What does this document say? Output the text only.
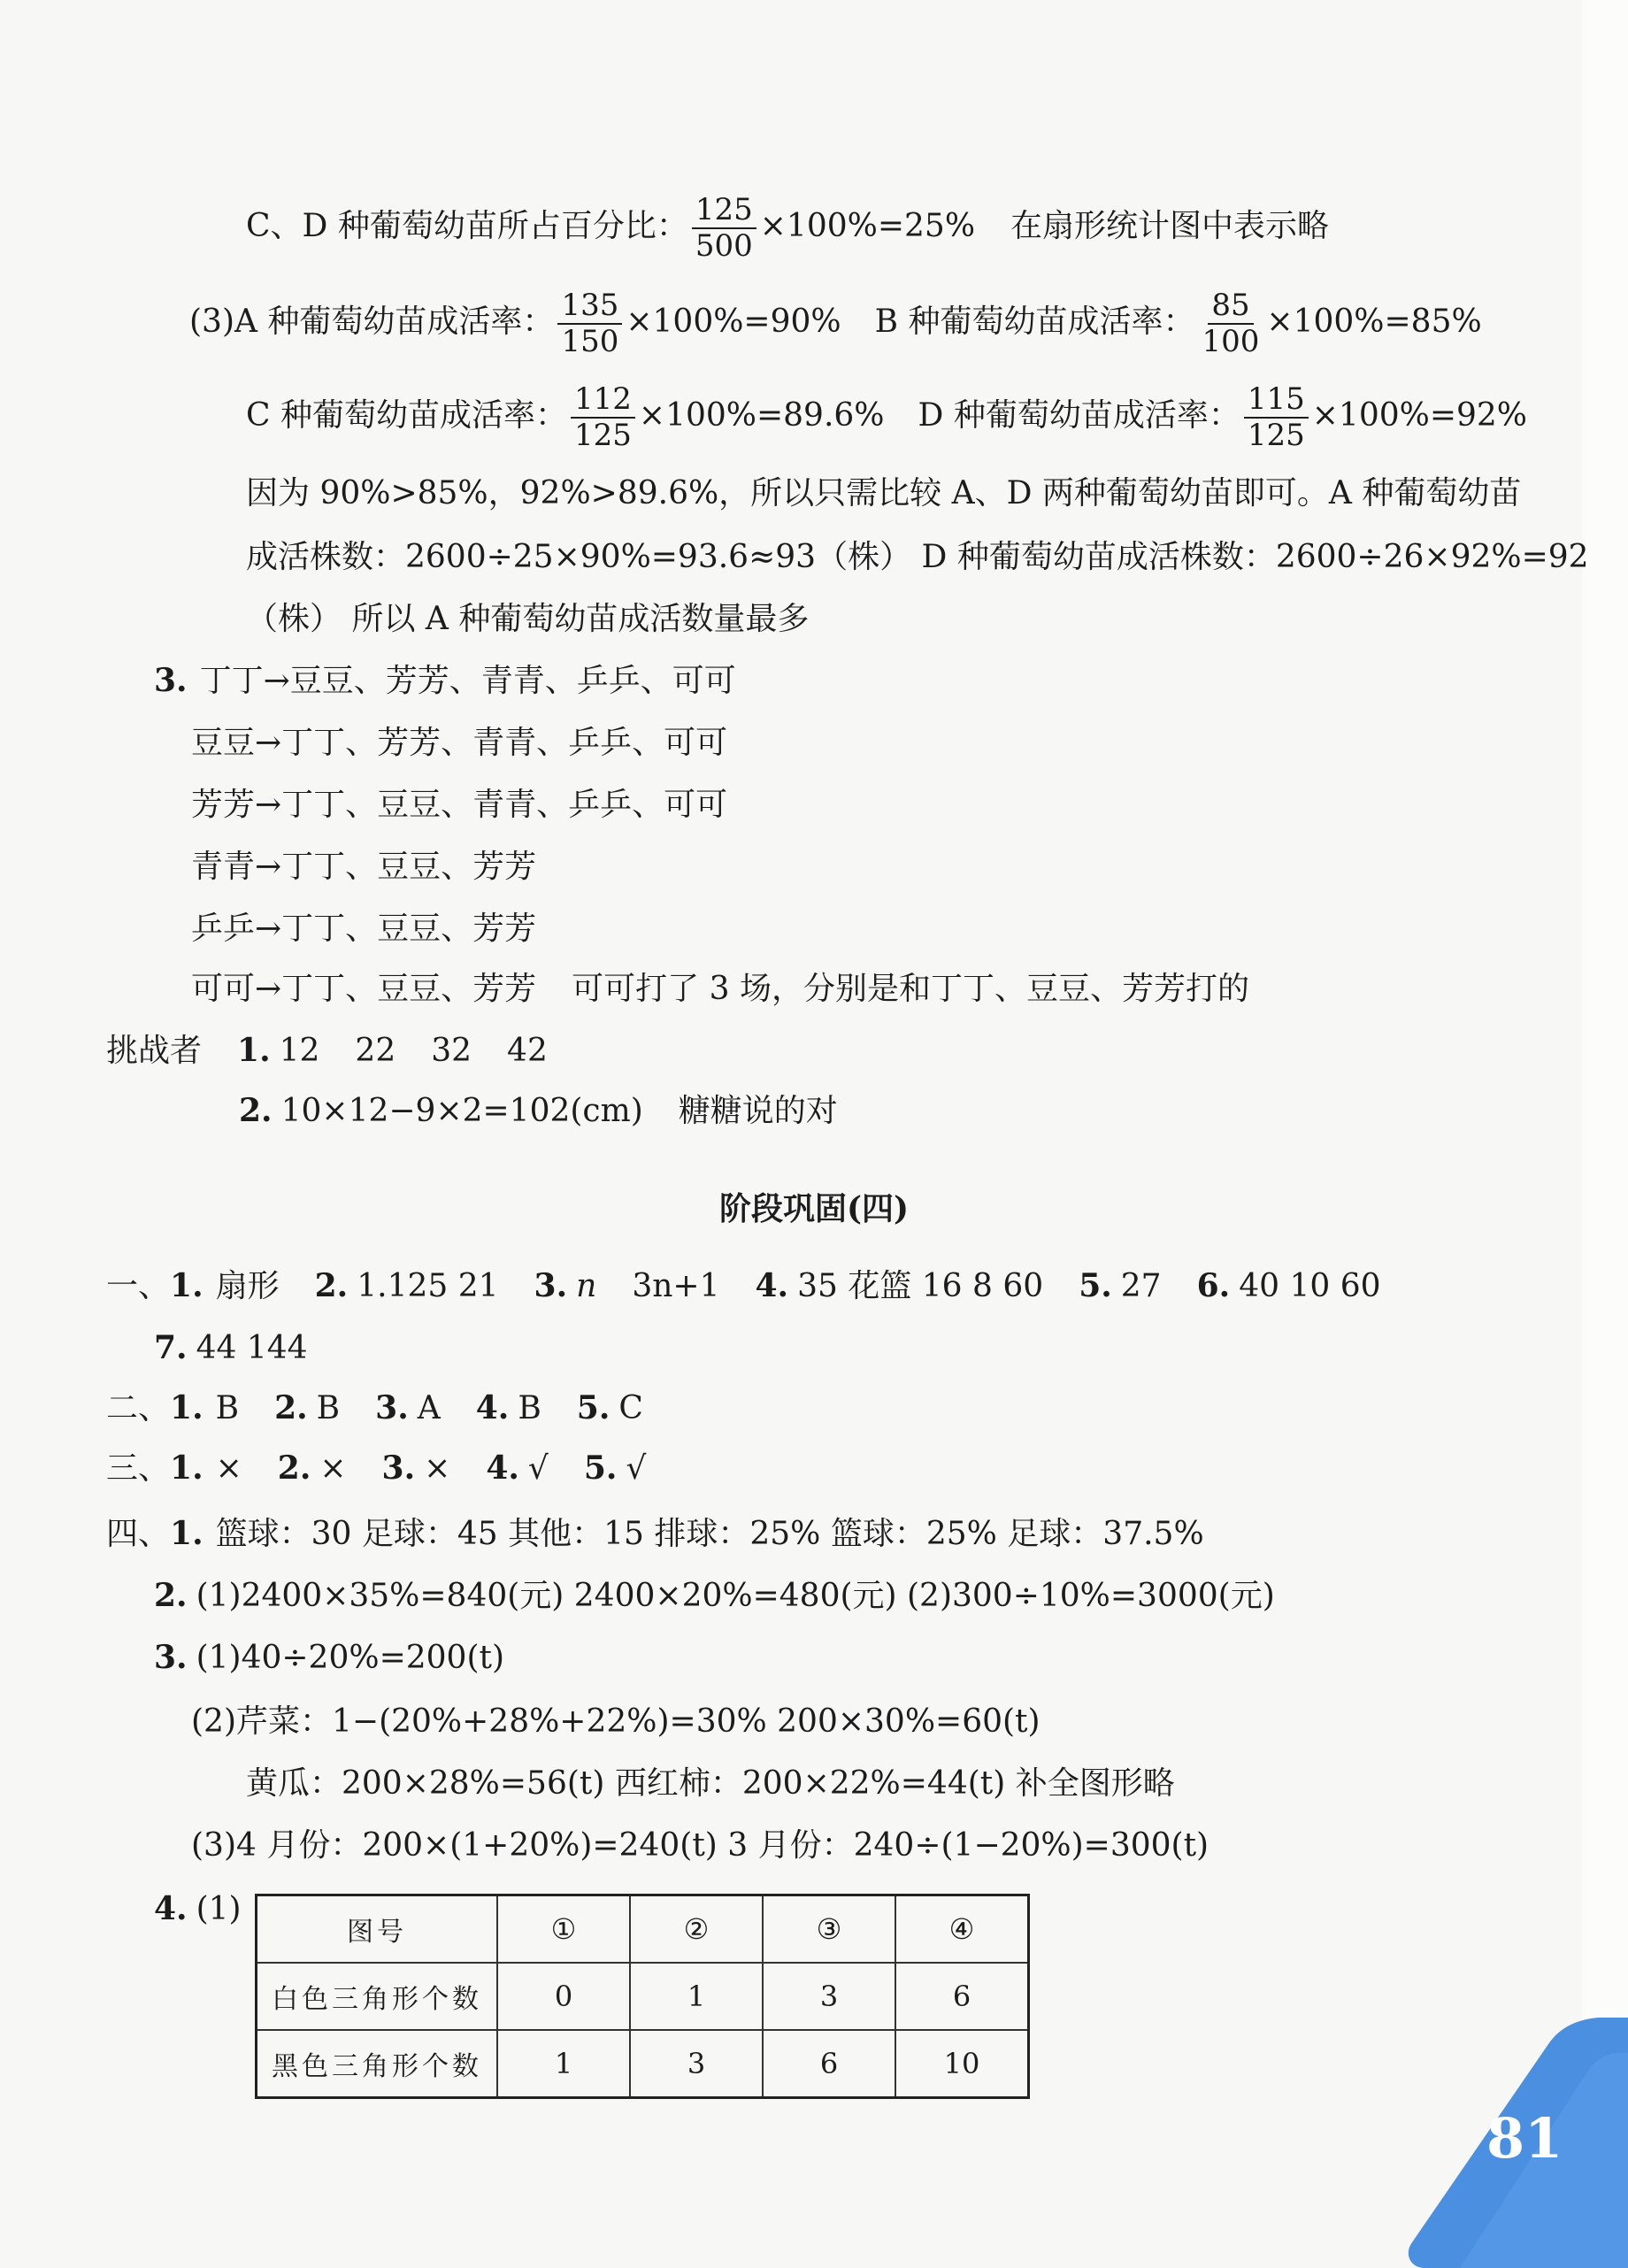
C、D 种葡萄幼苗所占百分比： $\frac{125}{500} \times 100\%=25\%$ 在扇形统计图中表示略
(3)A 种葡萄幼苗成活率： $\frac{135}{150} \times 100\%=90\%$ B 种葡萄幼苗成活率： $\frac{85}{100} \times 100\%=85\%$
C 种葡萄幼苗成活率： $\frac{112}{125} \times 100\%=89.6\%$ D 种葡萄幼苗成活率： $\frac{115}{125} \times 100\%=92\%$
因为 90%>85%，92%>89.6%，所以只需比较 A、D 两种葡萄幼苗即可。A 种葡萄幼苗
成活株数：2600÷25×90%=93.6≈93（株） D 种葡萄幼苗成活株数：2600÷26×92%=92
（株） 所以 A 种葡萄幼苗成活数量最多
3. 丁丁→豆豆、芳芳、青青、乒乒、可可
豆豆→丁丁、芳芳、青青、乒乒、可可
芳芳→丁丁、豆豆、青青、乒乒、可可
青青→丁丁、豆豆、芳芳
乒乒→丁丁、豆豆、芳芳
可可→丁丁、豆豆、芳芳 可可打了 3 场，分别是和丁丁、豆豆、芳芳打的
挑战者 1. 12 22 32 42
2. 10×12−9×2=102(cm) 糖糖说的对
阶段巩固(四)
一、1. 扇形 2. 1.125 21 3. n 3n+1 4. 35 花篮 16 8 60 5. 27 6. 40 10 60
7. 44 144
二、1. B 2. B 3. A 4. B 5. C
三、1. × 2. × 3. × 4. √ 5. √
四、1. 篮球：30 足球：45 其他：15 排球：25% 篮球：25% 足球：37.5%
2. (1)2400×35%=840(元) 2400×20%=480(元) (2)300÷10%=3000(元)
3. (1)40÷20%=200(t)
(2)芹菜：1−(20%+28%+22%)=30% 200×30%=60(t)
黄瓜：200×28%=56(t) 西红柿：200×22%=44(t) 补全图形略
(3)4 月份：200×(1+20%)=240(t) 3 月份：240÷(1−20%)=300(t)
4. (1)
图号	①	②	③	④
白色三角形个数	0	1	3	6
黑色三角形个数	1	3	6	10
81
